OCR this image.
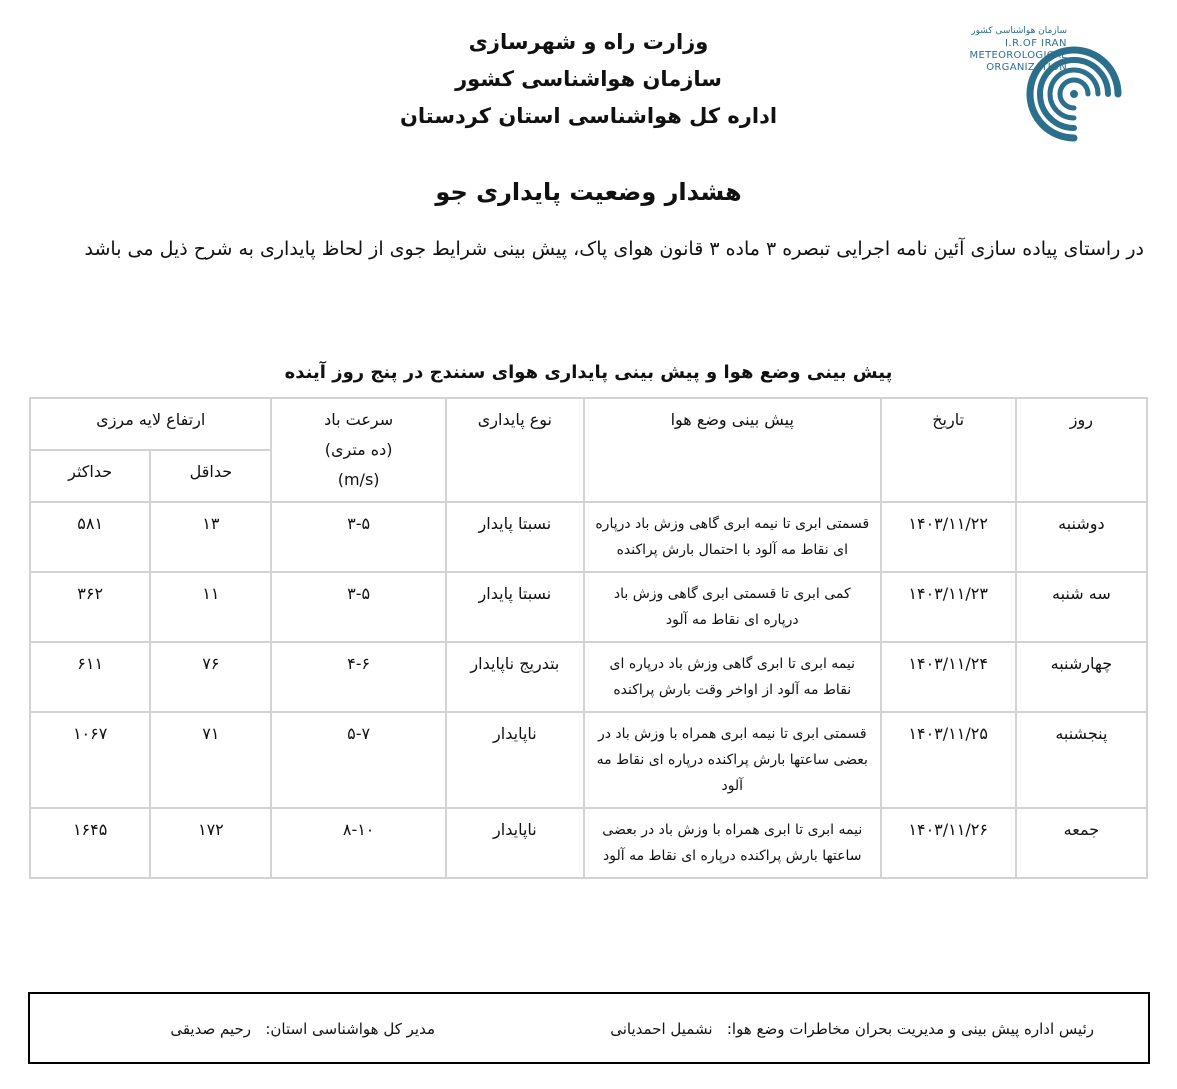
وزارت راه و شهرسازی
سازمان هواشناسی کشور
اداره کل هواشناسی استان کردستان
سازمان هواشناسی کشور
I.R.OF IRAN
METEOROLOGICAL
ORGANIZATION
هشدار وضعیت پایداری جو
در راستای پیاده سازی آئین نامه اجرایی تبصره ۳ ماده ۳ قانون هوای پاک، پیش بینی شرایط جوی از لحاظ پایداری به شرح ذیل می باشد
پیش بینی وضع هوا و پیش بینی پایداری هوای سنندج در پنج روز آینده
روز	تاریخ	پیش بینی وضع هوا	نوع پایداری	سرعت باد
(ده متری)
(m/s)	ارتفاع لایه مرزی	
					حداقل	حداکثر
دوشنبه	۱۴۰۳/۱۱/۲۲	قسمتی ابری تا نیمه ابری گاهی وزش باد درپاره ای نقاط مه آلود با احتمال بارش پراکنده	نسبتا پایدار	۳-۵	۱۳	۵۸۱
سه شنبه	۱۴۰۳/۱۱/۲۳	کمی ابری تا قسمتی ابری گاهی وزش باد درپاره ای نقاط مه آلود	نسبتا پایدار	۳-۵	۱۱	۳۶۲
چهارشنبه	۱۴۰۳/۱۱/۲۴	نیمه ابری تا ابری گاهی وزش باد درپاره ای نقاط مه آلود از اواخر وقت بارش پراکنده	بتدریج ناپایدار	۴-۶	۷۶	۶۱۱
پنجشنبه	۱۴۰۳/۱۱/۲۵	قسمتی ابری تا نیمه ابری همراه با وزش باد در بعضی ساعتها بارش پراکنده درپاره ای نقاط مه آلود	ناپایدار	۵-۷	۷۱	۱۰۶۷
جمعه	۱۴۰۳/۱۱/۲۶	نیمه ابری تا ابری همراه با وزش باد در بعضی ساعتها بارش پراکنده درپاره ای نقاط مه آلود	ناپایدار	۸-۱۰	۱۷۲	۱۶۴۵
رئیس اداره پیش بینی و مدیریت بحران مخاطرات وضع هوا:   نشمیل احمدیانی
مدیر کل هواشناسی استان:   رحیم صدیقی
